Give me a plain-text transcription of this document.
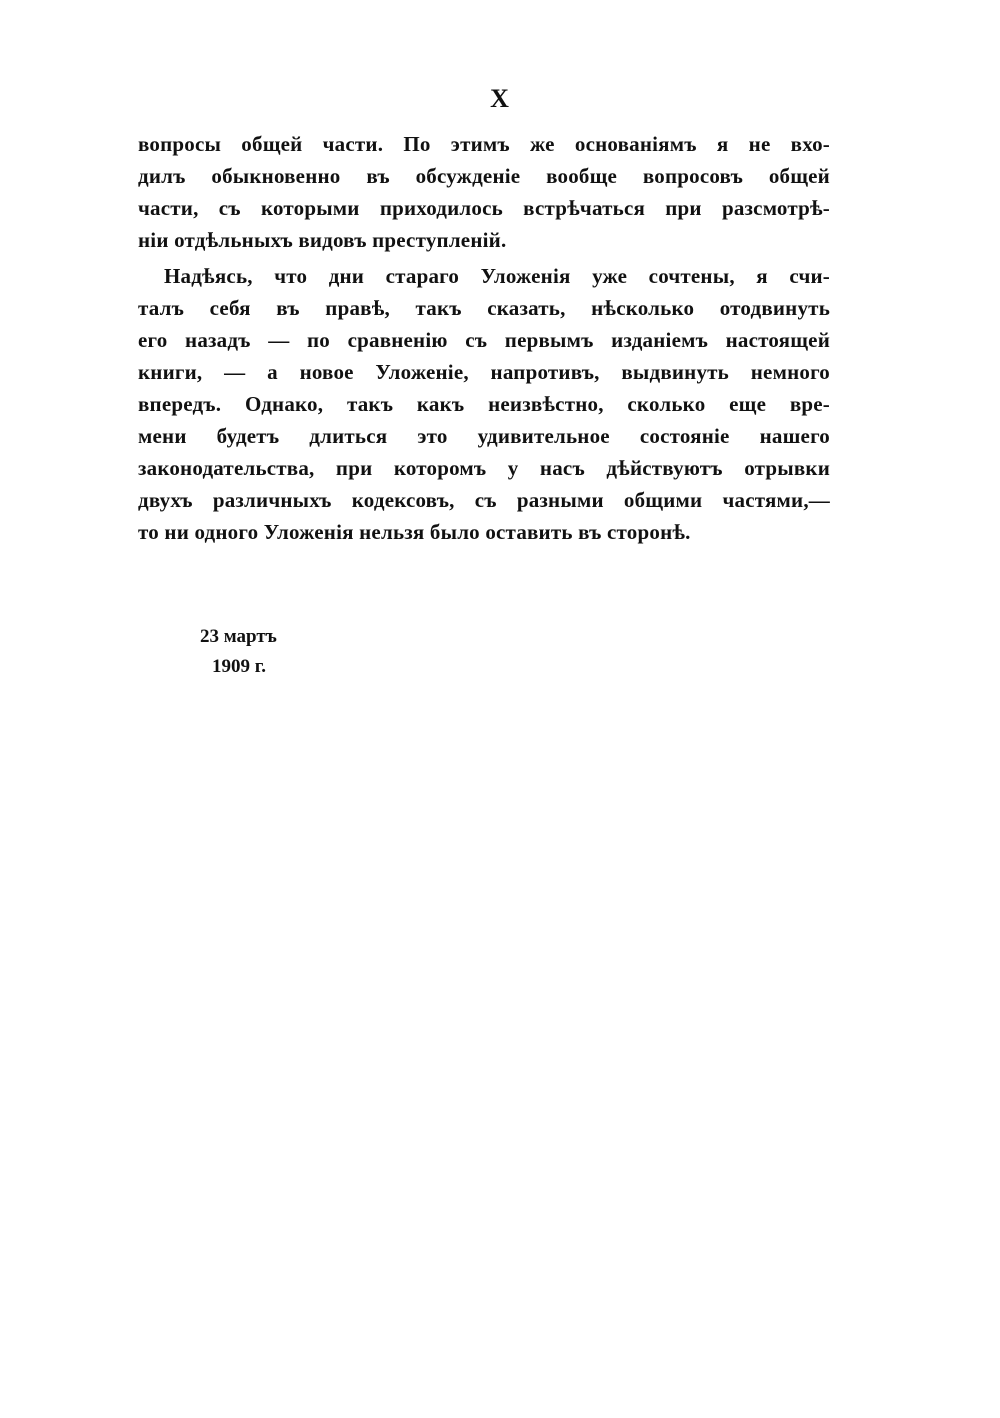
X
вопросы общей части. По этимъ же основанiямъ я не вхо-
дилъ обыкновенно въ обсужденiе вообще вопросовъ общей
части, съ которыми приходилось встрѣчаться при разсмотрѣ-
нiи отдѣльныхъ видовъ преступленiй.
Надѣясь, что дни стараго Уложенiя уже сочтены, я счи-
талъ себя въ правѣ, такъ сказать, нѣсколько отодвинуть
его назадъ — по сравненiю съ первымъ изданiемъ настоящей
книги, — а новое Уложенiе, напротивъ, выдвинуть немного
впередъ. Однако, такъ какъ неизвѣстно, сколько еще вре-
мени будетъ длиться это удивительное состоянiе нашего
законодательства, при которомъ у насъ дѣйствуютъ отрывки
двухъ различныхъ кодексовъ, съ разными общими частями,—
то ни одного Уложенiя нельзя было оставить въ сторонѣ.
23 мартъ
1909 г.
